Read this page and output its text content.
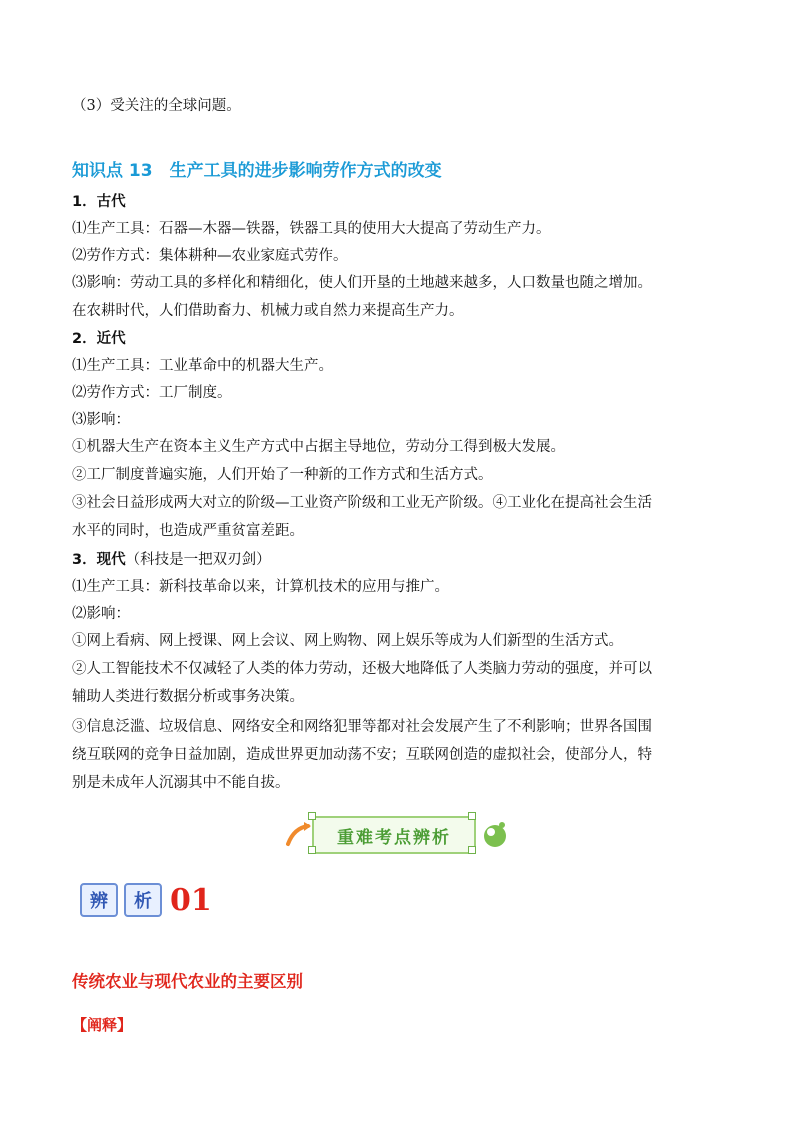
（3）受关注的全球问题。
知识点 13　生产工具的进步影响劳作方式的改变
1．古代
⑴生产工具：石器—木器—铁器，铁器工具的使用大大提高了劳动生产力。
⑵劳作方式：集体耕种—农业家庭式劳作。
⑶影响：劳动工具的多样化和精细化，使人们开垦的土地越来越多，人口数量也随之增加。
在农耕时代，人们借助畜力、机械力或自然力来提高生产力。
2．近代
⑴生产工具：工业革命中的机器大生产。
⑵劳作方式：工厂制度。
⑶影响：
①机器大生产在资本主义生产方式中占据主导地位，劳动分工得到极大发展。
②工厂制度普遍实施，人们开始了一种新的工作方式和生活方式。
③社会日益形成两大对立的阶级—工业资产阶级和工业无产阶级。④工业化在提高社会生活
水平的同时，也造成严重贫富差距。
3．现代（科技是一把双刃剑）
⑴生产工具：新科技革命以来，计算机技术的应用与推广。
⑵影响：
①网上看病、网上授课、网上会议、网上购物、网上娱乐等成为人们新型的生活方式。
②人工智能技术不仅减轻了人类的体力劳动，还极大地降低了人类脑力劳动的强度，并可以
辅助人类进行数据分析或事务决策。
③信息泛滥、垃圾信息、网络安全和网络犯罪等都对社会发展产生了不利影响；世界各国围
绕互联网的竞争日益加剧，造成世界更加动荡不安；互联网创造的虚拟社会，使部分人，特
别是未成年人沉溺其中不能自拔。
重难考点辨析
辨	析 01
传统农业与现代农业的主要区别
【阐释】
